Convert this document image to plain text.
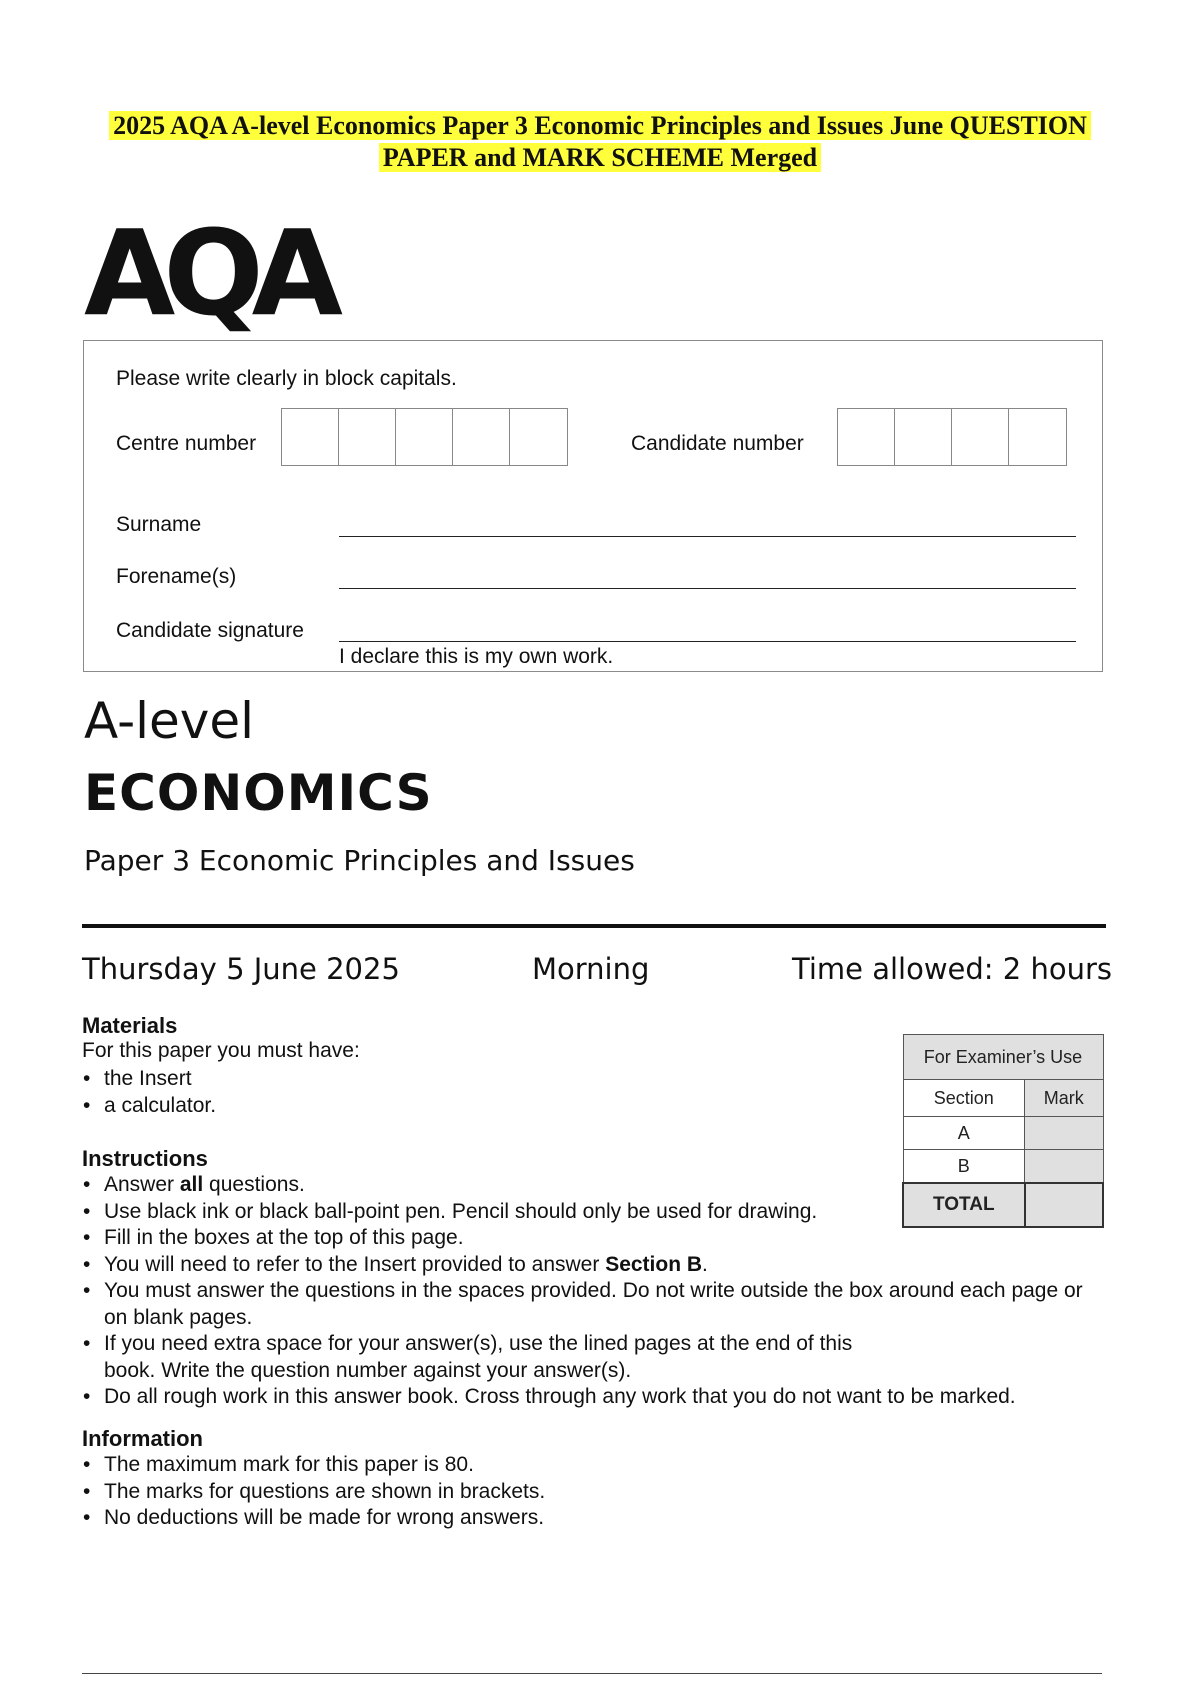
2025 AQA A-level Economics Paper 3 Economic Principles and Issues June QUESTION
PAPER and MARK SCHEME Merged
AQA
Please write clearly in block capitals.
Centre number	Candidate number
Surname
Forename(s)
Candidate signature
I declare this is my own work.
A-level
ECONOMICS
Paper 3 Economic Principles and Issues
Thursday 5 June 2025	Morning	Time allowed: 2 hours
Materials
For this paper you must have:
• the Insert
• a calculator.
Instructions
• Answer all questions.
• Use black ink or black ball-point pen. Pencil should only be used for drawing.
• Fill in the boxes at the top of this page.
• You will need to refer to the Insert provided to answer Section B.
• You must answer the questions in the spaces provided. Do not write outside the box around each page or on blank pages.
• If you need extra space for your answer(s), use the lined pages at the end of this book. Write the question number against your answer(s).
• Do all rough work in this answer book. Cross through any work that you do not want to be marked.
Information
• The maximum mark for this paper is 80.
• The marks for questions are shown in brackets.
• No deductions will be made for wrong answers.
For Examiner’s Use	
Section	Mark
A	
B	
TOTAL	
